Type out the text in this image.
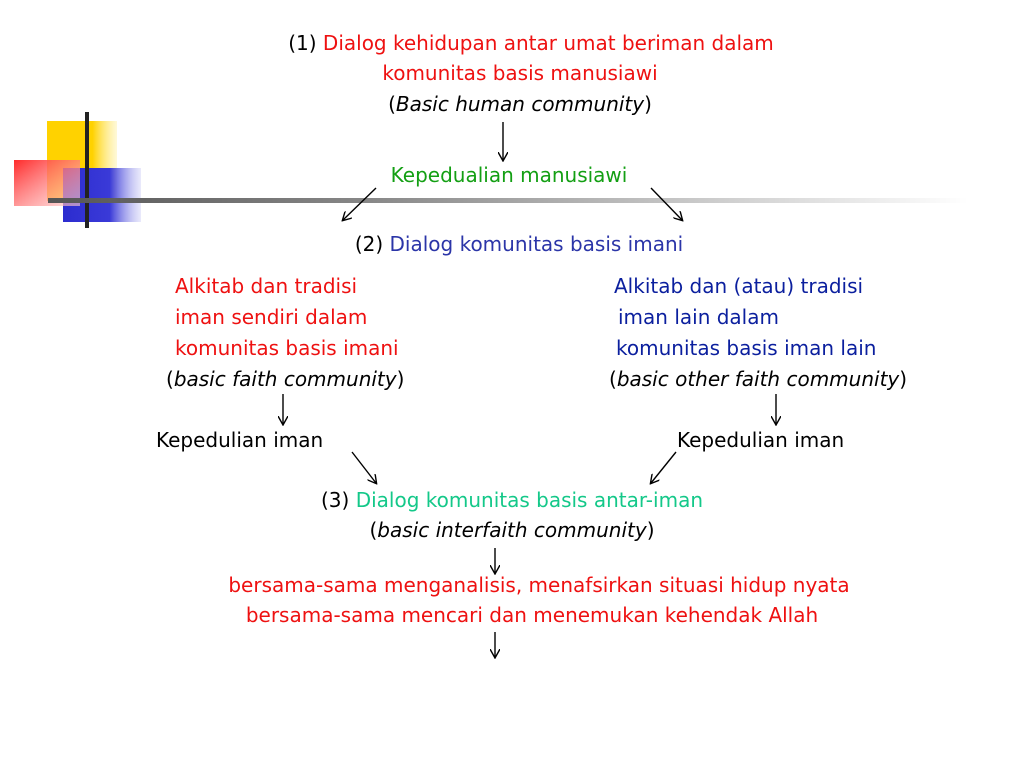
(1) Dialog kehidupan antar umat beriman dalam
komunitas basis manusiawi
(Basic human community)
Kepedualian manusiawi
(2) Dialog komunitas basis imani
Alkitab dan tradisi
iman sendiri dalam
komunitas basis imani
(basic faith community)
Kepedulian iman
Alkitab dan (atau) tradisi
iman lain dalam
komunitas basis iman lain
(basic other faith community)
Kepedulian iman
(3) Dialog komunitas basis antar-iman
(basic interfaith community)
bersama-sama menganalisis, menafsirkan situasi hidup nyata
bersama-sama mencari dan menemukan kehendak Allah
